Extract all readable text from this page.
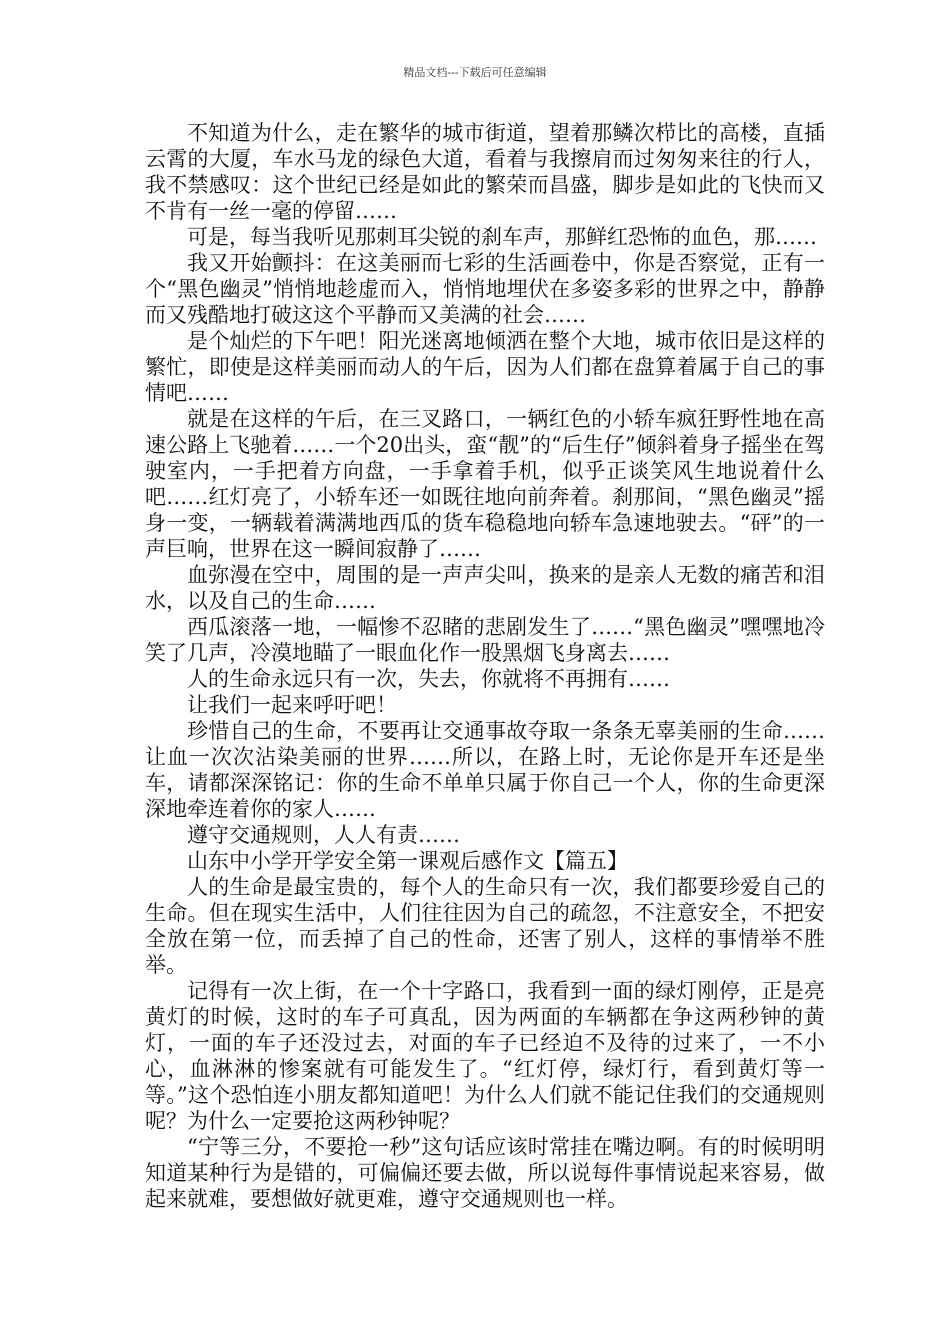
精品文档---下载后可任意编辑

不知道为什么，走在繁华的城市街道，望着那鳞次栉比的高楼，直插云霄的大厦，车水马龙的绿色大道，看着与我擦肩而过匆匆来往的行人，我不禁感叹：这个世纪已经是如此的繁荣而昌盛，脚步是如此的飞快而又不肯有一丝一毫的停留……

可是，每当我听见那刺耳尖锐的刹车声，那鲜红恐怖的血色，那……

我又开始颤抖：在这美丽而七彩的生活画卷中，你是否察觉，正有一个“黑色幽灵”悄悄地趁虚而入，悄悄地埋伏在多姿多彩的世界之中，静静而又残酷地打破这这个平静而又美满的社会……

是个灿烂的下午吧！阳光迷离地倾洒在整个大地，城市依旧是这样的繁忙，即使是这样美丽而动人的午后，因为人们都在盘算着属于自己的事情吧……

就是在这样的午后，在三叉路口，一辆红色的小轿车疯狂野性地在高速公路上飞驰着……一个20出头，蛮“靓”的“后生仔”倾斜着身子摇坐在驾驶室内，一手把着方向盘，一手拿着手机，似乎正谈笑风生地说着什么吧……红灯亮了，小轿车还一如既往地向前奔着。刹那间，“黑色幽灵”摇身一变，一辆载着满满地西瓜的货车稳稳地向轿车急速地驶去。“砰”的一声巨响，世界在这一瞬间寂静了……

血弥漫在空中，周围的是一声声尖叫，换来的是亲人无数的痛苦和泪水，以及自己的生命……

西瓜滚落一地，一幅惨不忍睹的悲剧发生了……“黑色幽灵”嘿嘿地冷笑了几声，冷漠地瞄了一眼血化作一股黑烟飞身离去……

人的生命永远只有一次，失去，你就将不再拥有……

让我们一起来呼吁吧！

珍惜自己的生命，不要再让交通事故夺取一条条无辜美丽的生命……让血一次次沾染美丽的世界……所以，在路上时，无论你是开车还是坐车，请都深深铭记：你的生命不单单只属于你自己一个人，你的生命更深深地牵连着你的家人……

遵守交通规则，人人有责……

山东中小学开学安全第一课观后感作文【篇五】

人的生命是最宝贵的，每个人的生命只有一次，我们都要珍爱自己的生命。但在现实生活中，人们往往因为自己的疏忽，不注意安全，不把安全放在第一位，而丢掉了自己的性命，还害了别人，这样的事情举不胜举。

记得有一次上街，在一个十字路口，我看到一面的绿灯刚停，正是亮黄灯的时候，这时的车子可真乱，因为两面的车辆都在争这两秒钟的黄灯，一面的车子还没过去，对面的车子已经迫不及待的过来了，一不小心，血淋淋的惨案就有可能发生了。“红灯停，绿灯行，看到黄灯等一等。”这个恐怕连小朋友都知道吧！为什么人们就不能记住我们的交通规则呢？为什么一定要抢这两秒钟呢？

“宁等三分，不要抢一秒”这句话应该时常挂在嘴边啊。有的时候明明知道某种行为是错的，可偏偏还要去做，所以说每件事情说起来容易，做起来就难，要想做好就更难，遵守交通规则也一样。
